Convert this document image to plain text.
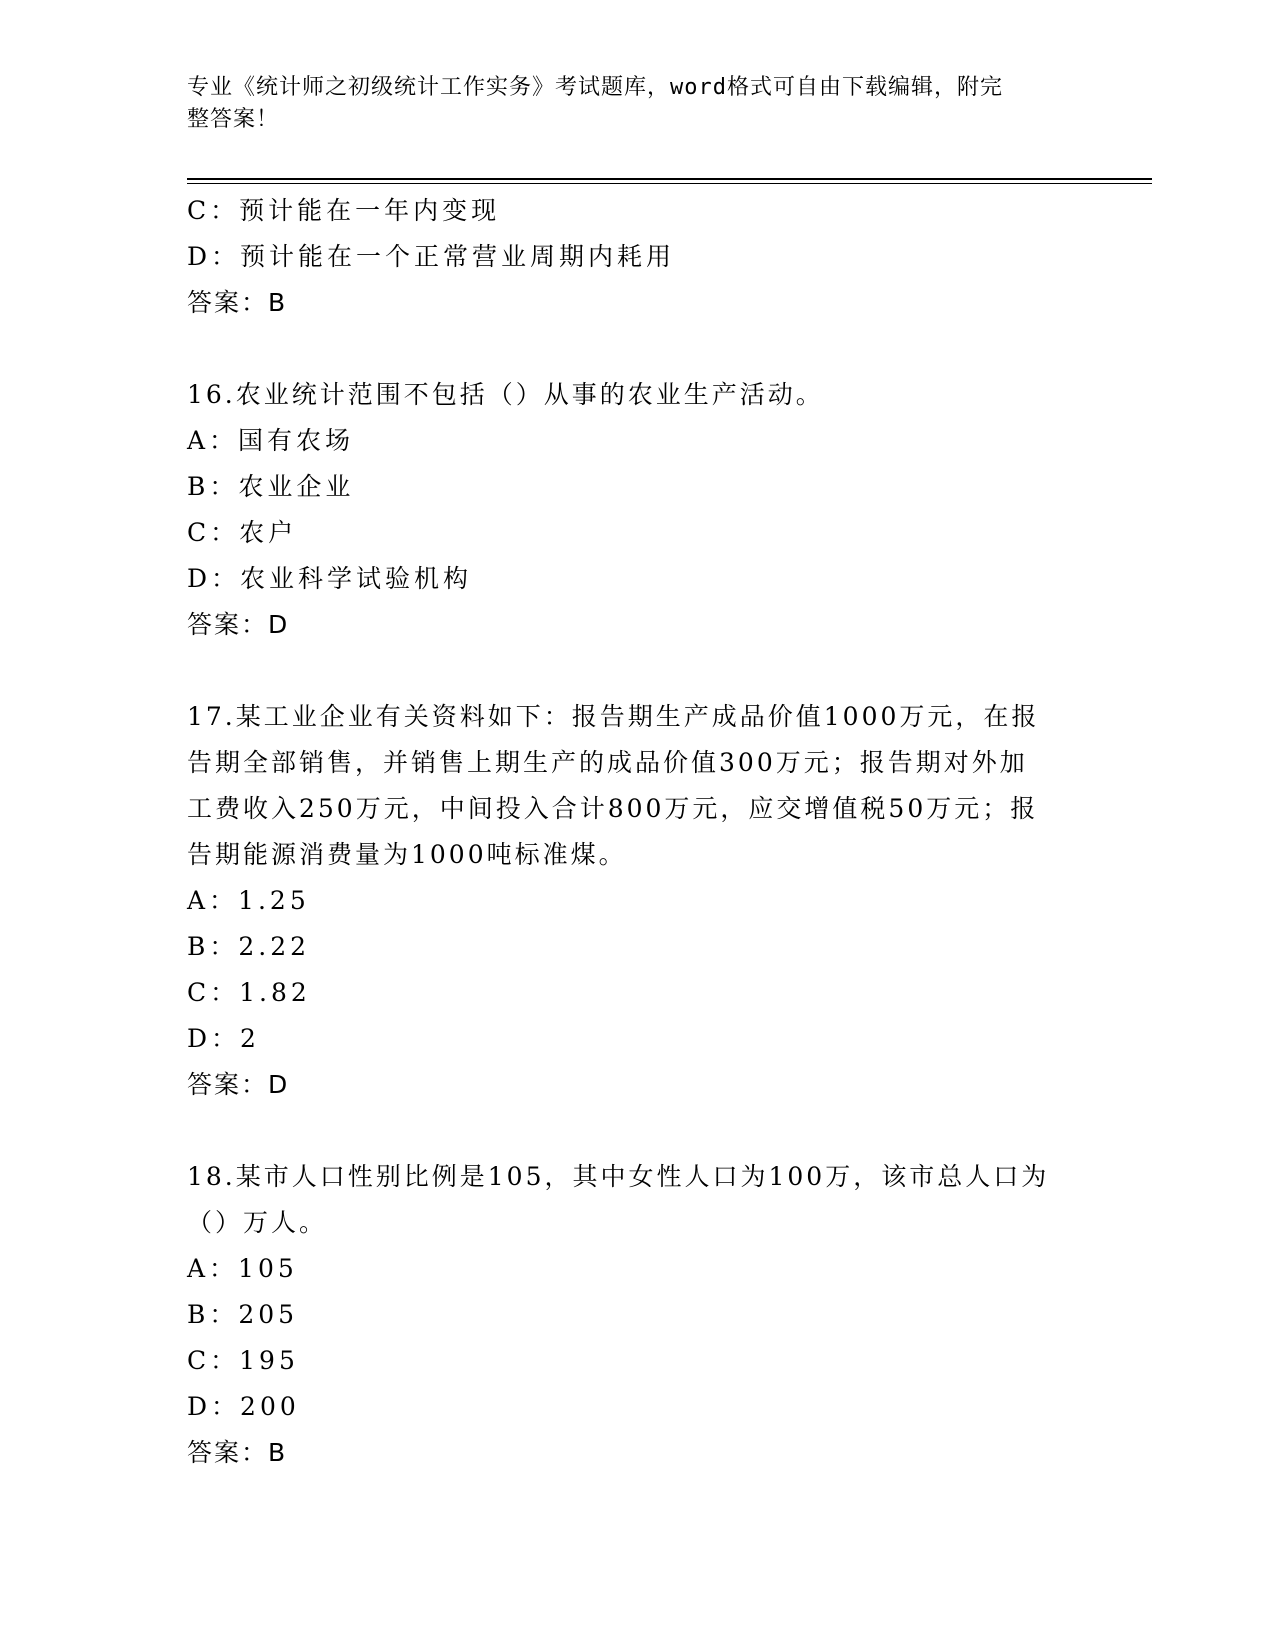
专业《统计师之初级统计工作实务》考试题库，word格式可自由下载编辑，附完
整答案！
C：预计能在一年内变现
D：预计能在一个正常营业周期内耗用
答案：B
16.农业统计范围不包括（）从事的农业生产活动。
A：国有农场
B：农业企业
C：农户
D：农业科学试验机构
答案：D
17.某工业企业有关资料如下：报告期生产成品价值1000万元，在报
告期全部销售，并销售上期生产的成品价值300万元；报告期对外加
工费收入250万元，中间投入合计800万元，应交增值税50万元；报
告期能源消费量为1000吨标准煤。
A：1.25
B：2.22
C：1.82
D：2
答案：D
18.某市人口性别比例是105，其中女性人口为100万，该市总人口为
（）万人。
A：105
B：205
C：195
D：200
答案：B
